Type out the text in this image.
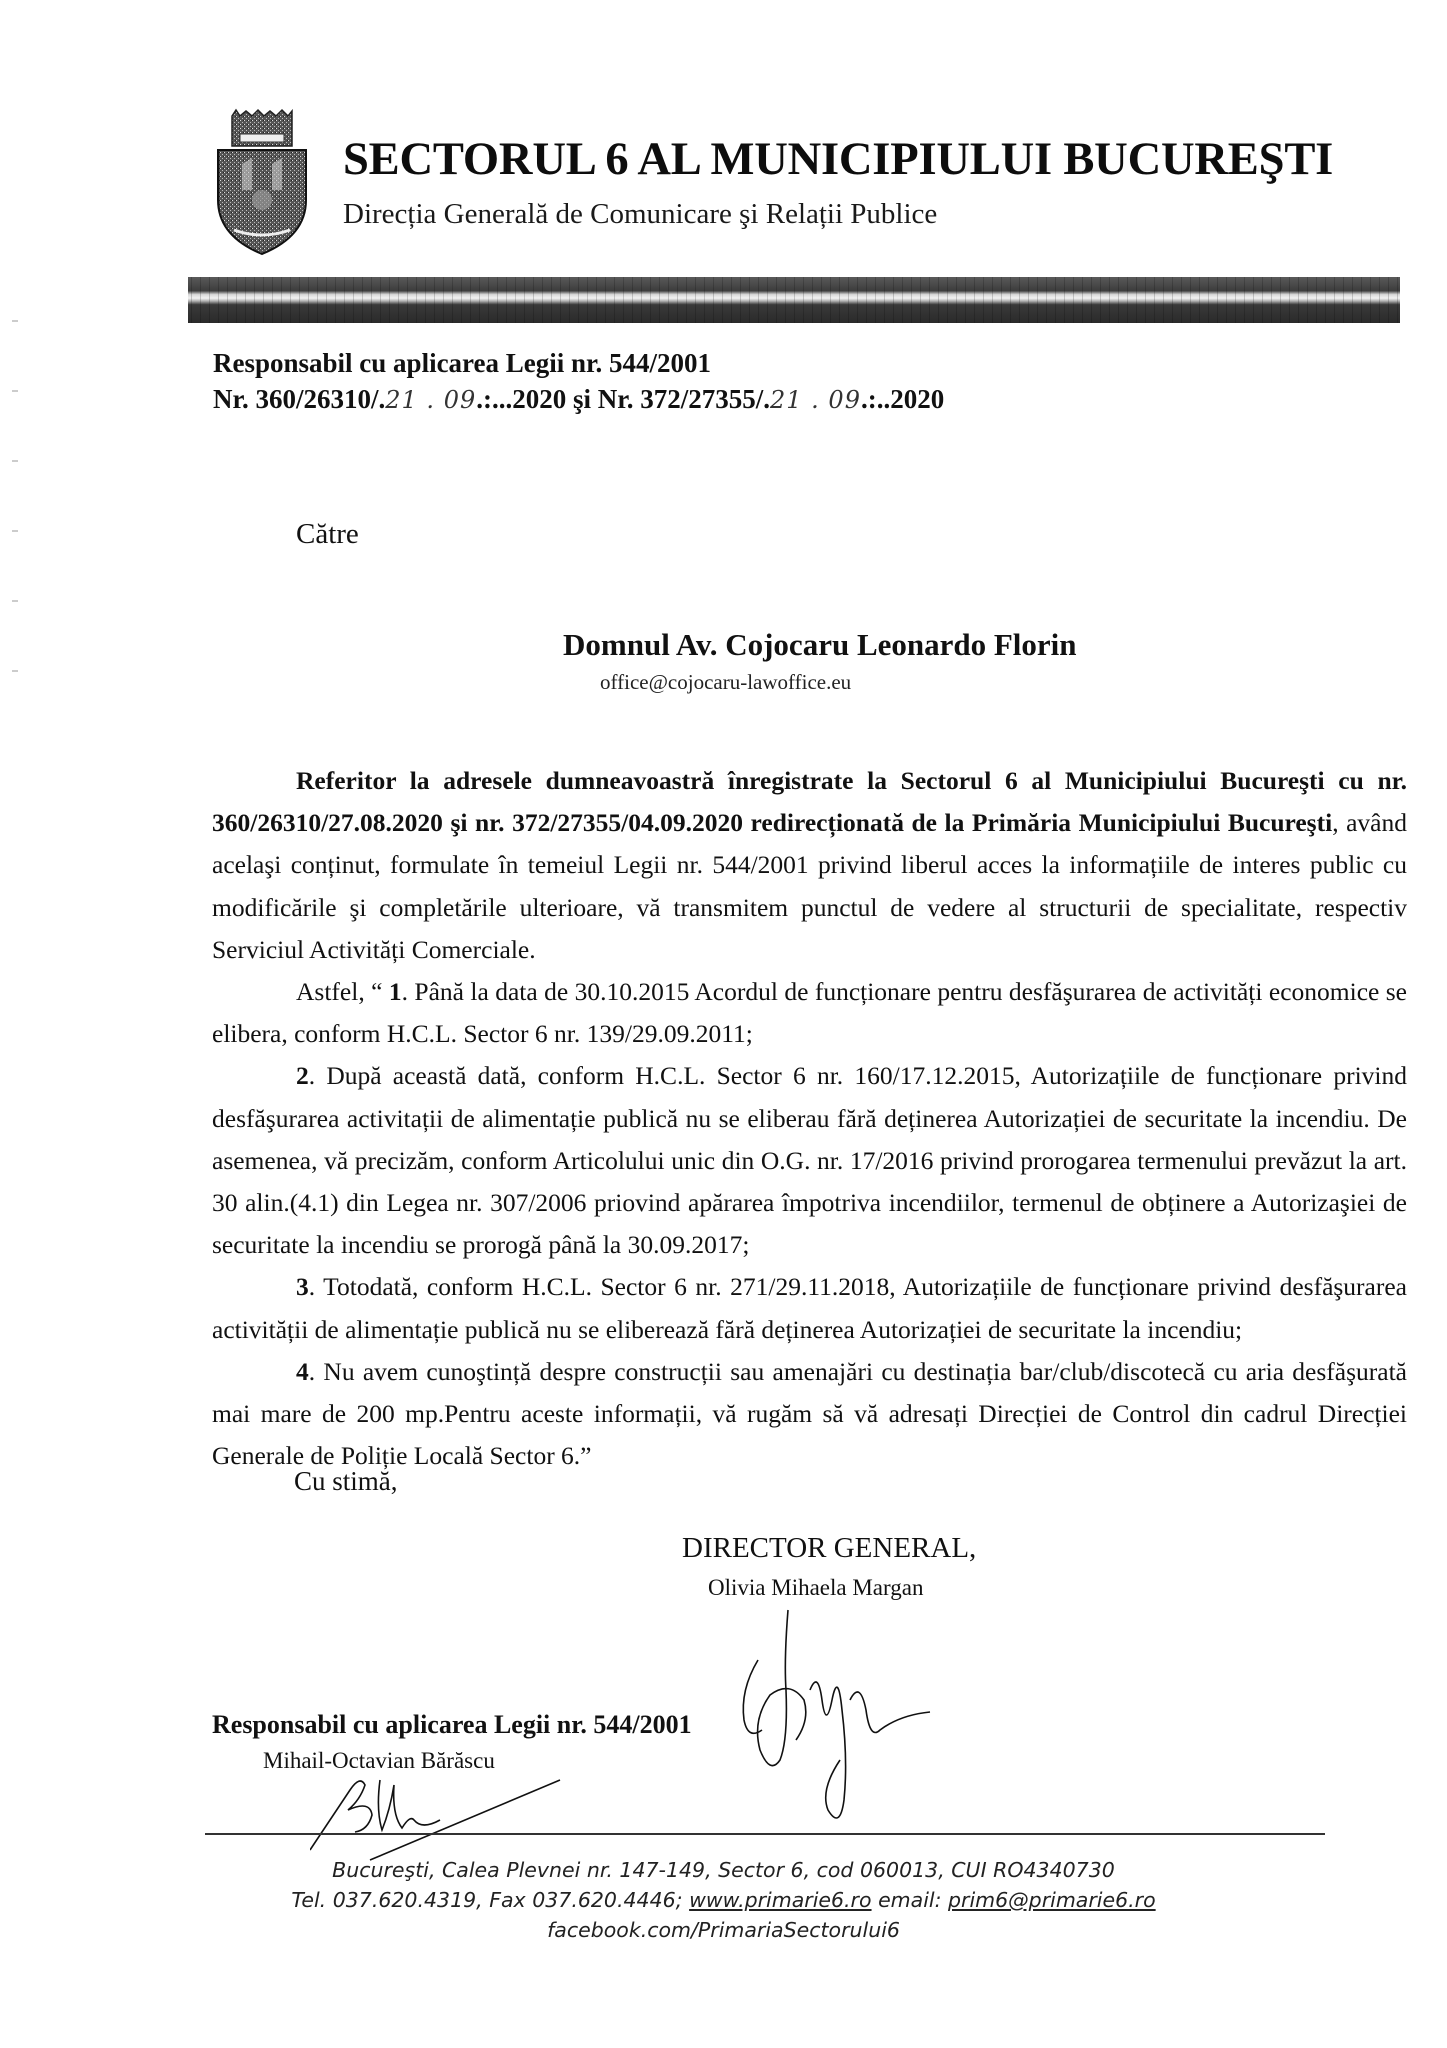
SECTORUL 6 AL MUNICIPIULUI BUCUREŞTI
Direcția Generală de Comunicare şi Relații Publice
Responsabil cu aplicarea Legii nr. 544/2001
Nr. 360/26310/.21 . 09.:...2020 şi Nr. 372/27355/.21 . 09.:..2020
Către
Domnul Av. Cojocaru Leonardo Florin
office@cojocaru-lawoffice.eu

Referitor la adresele dumneavoastră înregistrate la Sectorul 6 al Municipiului Bucureşti cu nr. 360/26310/27.08.2020 şi nr. 372/27355/04.09.2020 redirecționată de la Primăria Municipiului Bucureşti, având acelaşi conținut, formulate în temeiul Legii nr. 544/2001 privind liberul acces la informațiile de interes public cu modificările şi completările ulterioare, vă transmitem punctul de vedere al structurii de specialitate, respectiv Serviciul Activități Comerciale.

Astfel, “ 1. Până la data de 30.10.2015 Acordul de funcționare pentru desfăşurarea de activități economice se elibera, conform H.C.L. Sector 6 nr. 139/29.09.2011;

2. După această dată, conform H.C.L. Sector 6 nr. 160/17.12.2015, Autorizațiile de funcționare privind desfăşurarea activitații de alimentație publică nu se eliberau fără deținerea Autorizației de securitate la incendiu. De asemenea, vă precizăm, conform Articolului unic din O.G. nr. 17/2016 privind prorogarea termenului prevăzut la art. 30 alin.(4.1) din Legea nr. 307/2006 priovind apărarea împotriva incendiilor, termenul de obținere a Autorizaşiei de securitate la incendiu se prorogă până la 30.09.2017;

3. Totodată, conform H.C.L. Sector 6 nr. 271/29.11.2018, Autorizațiile de funcționare privind desfăşurarea activității de alimentație publică nu se eliberează fără deținerea Autorizației de securitate la incendiu;

4. Nu avem cunoştință despre construcții sau amenajări cu destinația bar/club/discotecă cu aria desfăşurată mai mare de 200 mp.Pentru aceste informații, vă rugăm să vă adresați Direcției de Control din cadrul Direcției Generale de Poliție Locală Sector 6.”

Cu stimă,
DIRECTOR GENERAL,
Olivia Mihaela Margan
Responsabil cu aplicarea Legii nr. 544/2001
Mihail-Octavian Bărăscu
Bucureşti, Calea Plevnei nr. 147-149, Sector 6, cod 060013, CUI RO4340730
Tel. 037.620.4319, Fax 037.620.4446; www.primarie6.ro email: prim6@primarie6.ro
facebook.com/PrimariaSectorului6
